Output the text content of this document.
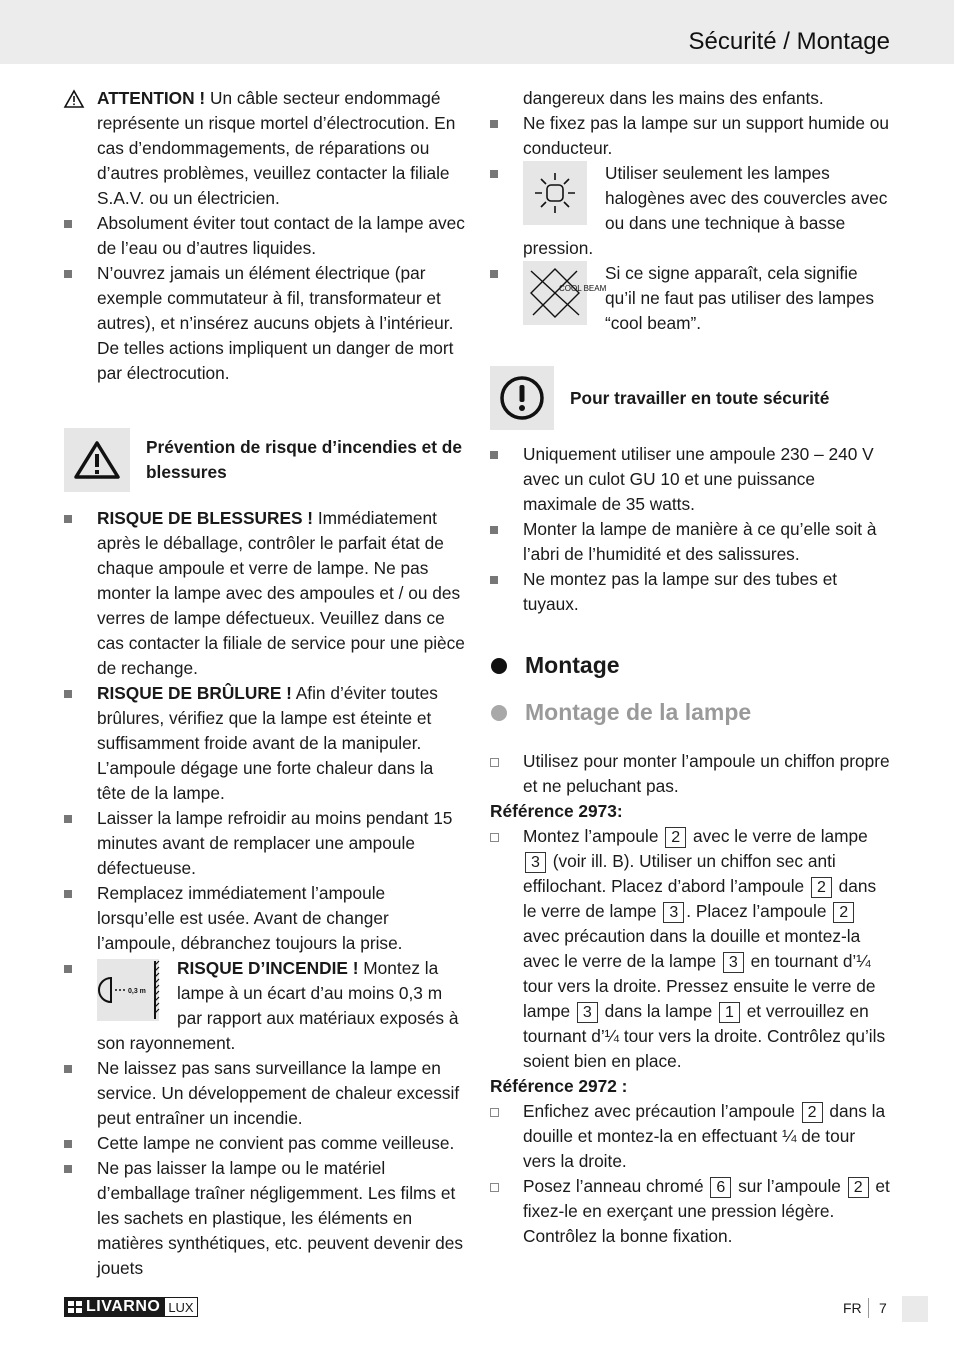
Sécurité / Montage
ATTENTION ! Un câble secteur endommagé représente un risque mortel d’électrocution. En cas d’endommagements, de réparations ou d’autres problèmes, veuillez contacter la filiale S.A.V. ou un électricien.
Absolument éviter tout contact de la lampe avec de l’eau ou d’autres liquides.
N’ouvrez jamais un élément électrique (par exemple commutateur à fil, transformateur et autres), et n’insérez aucuns objets à l’intérieur. De telles actions impliquent un danger de mort par électrocution.
Prévention de risque d’incendies et de blessures
RISQUE DE BLESSURES ! Immédiatement après le déballage, contrôler le parfait état de chaque ampoule et verre de lampe. Ne pas monter la lampe avec des ampoules et / ou des verres de lampe défectueux. Veuillez dans ce cas contacter la filiale de service pour une pièce de rechange.
RISQUE DE BRÛLURE ! Afin d’éviter toutes brûlures, vérifiez que la lampe est éteinte et suffisamment froide avant de la manipuler. L’ampoule dégage une forte chaleur dans la tête de la lampe.
Laisser la lampe refroidir au moins pendant 15 minutes avant de remplacer une ampoule défectueuse.
Remplacez immédiatement l’ampoule lorsqu’elle est usée. Avant de changer l’ampoule, débranchez toujours la prise.
0,3 m
RISQUE D’INCENDIE ! Montez la lampe à un écart d’au moins 0,3 m par rapport aux matériaux exposés à son rayonnement.
Ne laissez pas sans surveillance la lampe en service. Un développement de chaleur excessif peut entraîner un incendie.
Cette lampe ne convient pas comme veilleuse.
Ne pas laisser la lampe ou le matériel d’emballage traîner négligemment. Les films et les sachets en plastique, les éléments en matières synthétiques, etc. peuvent devenir des jouets
dangereux dans les mains des enfants.
Ne fixez pas la lampe sur un support humide ou conducteur.
Utiliser seulement les lampes halogènes avec des couvercles avec ou dans une technique à basse pression.
COOL BEAM
Si ce signe apparaît, cela signifie qu’il ne faut pas utiliser des lampes “cool beam”.
Pour travailler en toute sécurité
Uniquement utiliser une ampoule 230 – 240 V avec un culot GU 10 et une puissance maximale de 35 watts.
Monter la lampe de manière à ce qu’elle soit à l’abri de l’humidité et des salissures.
Ne montez pas la lampe sur des tubes et tuyaux.
Montage
Montage de la lampe
Utilisez pour monter l’ampoule un chiffon propre et ne peluchant pas.
Référence 2973:
Montez l’ampoule 2 avec le verre de lampe 3 (voir ill. B). Utiliser un chiffon sec anti effilochant. Placez d’abord l’ampoule 2 dans le verre de lampe 3 . Placez l’ampoule 2 avec précaution dans la douille et montez-la avec le verre de la lampe 3 en tournant d’¼ tour vers la droite. Pressez ensuite le verre de lampe 3 dans la lampe 1 et verrouillez en tournant d’¼ tour vers la droite. Contrôlez qu’ils soient bien en place.
Référence 2972 :
Enfichez avec précaution l’ampoule 2 dans la douille et montez-la en effectuant ¼ de tour vers la droite.
Posez l’anneau chromé 6 sur l’ampoule 2 et fixez-le en exerçant une pression légère. Contrôlez la bonne fixation.
LIVARNO LUX	FR 7
